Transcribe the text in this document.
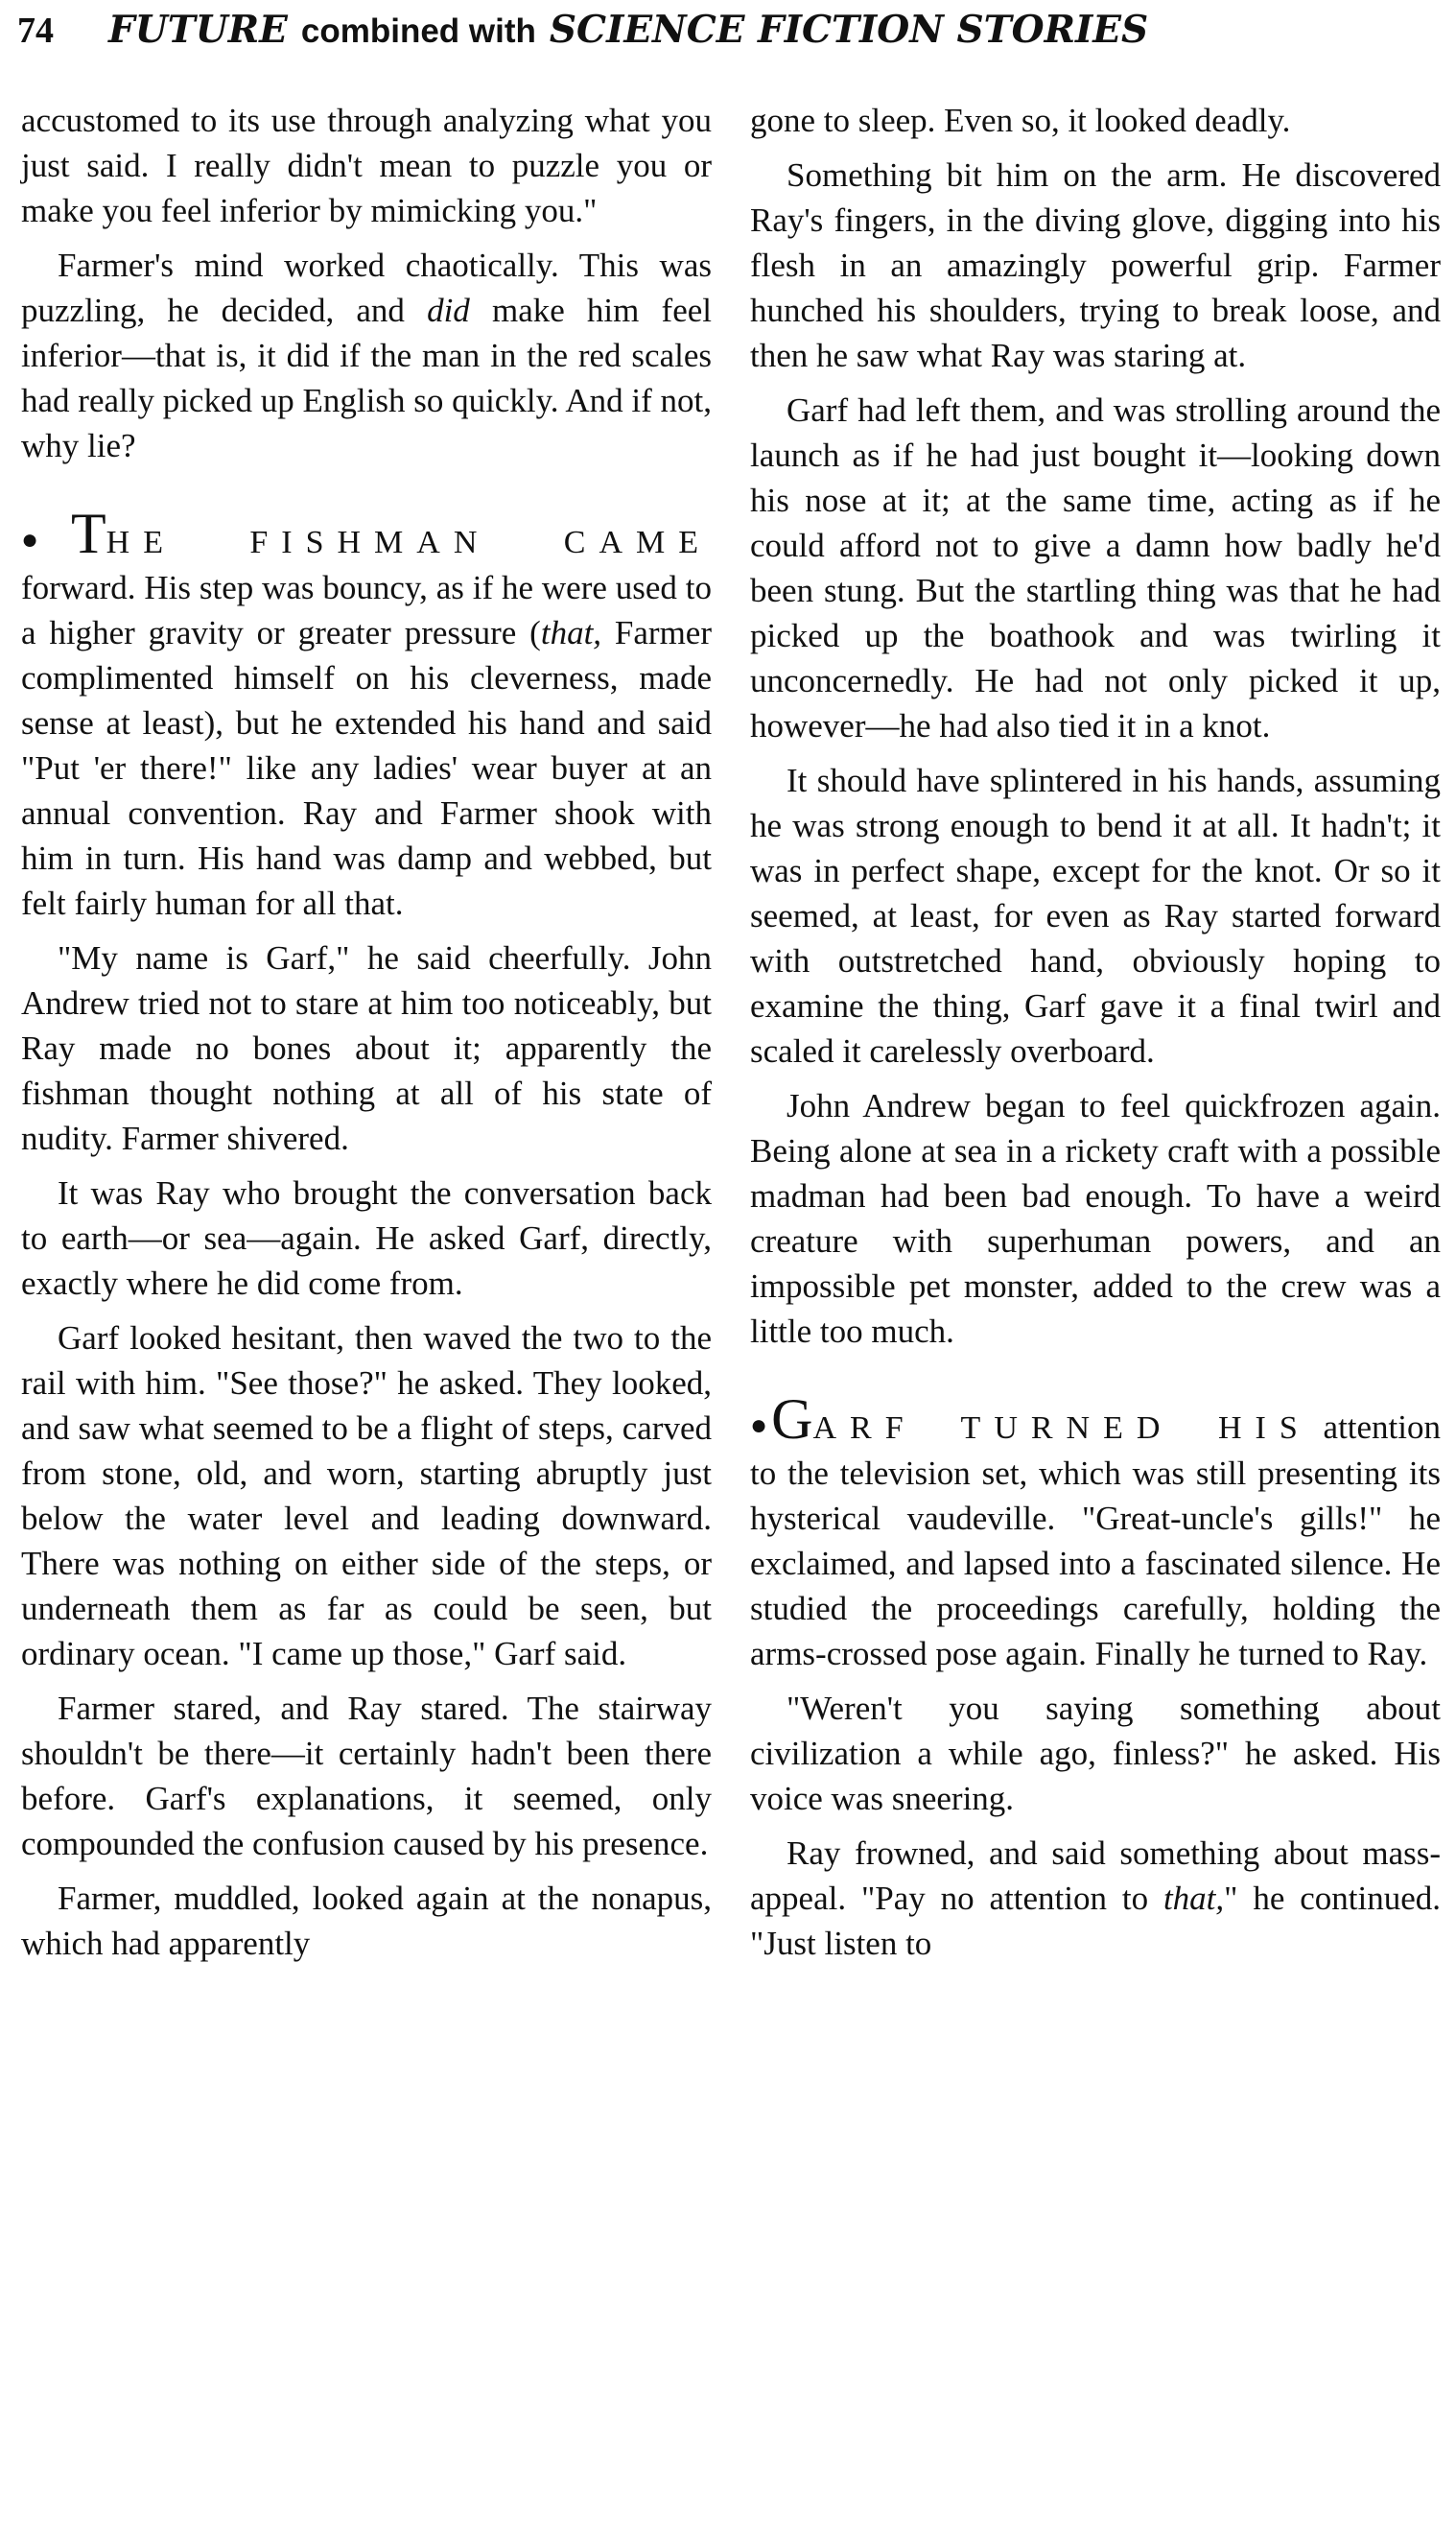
74	FUTURE combined with SCIENCE FICTION STORIES

accustomed to its use through analyzing what you just said. I really didn't mean to puzzle you or make you feel inferior by mimicking you."

Farmer's mind worked chaotically. This was puzzling, he decided, and did make him feel inferior—that is, it did if the man in the red scales had really picked up English so quickly. And if not, why lie?

●THE FISHMAN CAME forward. His step was bouncy, as if he were used to a higher gravity or greater pressure (that, Farmer complimented himself on his cleverness, made sense at least), but he extended his hand and said "Put 'er there!" like any ladies' wear buyer at an annual convention. Ray and Farmer shook with him in turn. His hand was damp and webbed, but felt fairly human for all that.

"My name is Garf," he said cheerfully. John Andrew tried not to stare at him too noticeably, but Ray made no bones about it; apparently the fishman thought nothing at all of his state of nudity. Farmer shivered.

It was Ray who brought the conversation back to earth—or sea—again. He asked Garf, directly, exactly where he did come from.

Garf looked hesitant, then waved the two to the rail with him. "See those?" he asked. They looked, and saw what seemed to be a flight of steps, carved from stone, old, and worn, starting abruptly just below the water level and leading downward. There was nothing on either side of the steps, or underneath them as far as could be seen, but ordinary ocean. "I came up those," Garf said.

Farmer stared, and Ray stared. The stairway shouldn't be there—it certainly hadn't been there before. Garf's explanations, it seemed, only compounded the confusion caused by his presence.

Farmer, muddled, looked again at the nonapus, which had apparently

gone to sleep. Even so, it looked deadly.

Something bit him on the arm. He discovered Ray's fingers, in the diving glove, digging into his flesh in an amazingly powerful grip. Farmer hunched his shoulders, trying to break loose, and then he saw what Ray was staring at.

Garf had left them, and was strolling around the launch as if he had just bought it—looking down his nose at it; at the same time, acting as if he could afford not to give a damn how badly he'd been stung. But the startling thing was that he had picked up the boathook and was twirling it unconcernedly. He had not only picked it up, however—he had also tied it in a knot.

It should have splintered in his hands, assuming he was strong enough to bend it at all. It hadn't; it was in perfect shape, except for the knot. Or so it seemed, at least, for even as Ray started forward with outstretched hand, obviously hoping to examine the thing, Garf gave it a final twirl and scaled it carelessly overboard.

John Andrew began to feel quickfrozen again. Being alone at sea in a rickety craft with a possible madman had been bad enough. To have a weird creature with superhuman powers, and an impossible pet monster, added to the crew was a little too much.

●GARF TURNED HIS attention to the television set, which was still presenting its hysterical vaudeville. "Great-uncle's gills!" he exclaimed, and lapsed into a fascinated silence. He studied the proceedings carefully, holding the arms-crossed pose again. Finally he turned to Ray.

"Weren't you saying something about civilization a while ago, finless?" he asked. His voice was sneering.

Ray frowned, and said something about mass-appeal. "Pay no attention to that," he continued. "Just listen to
